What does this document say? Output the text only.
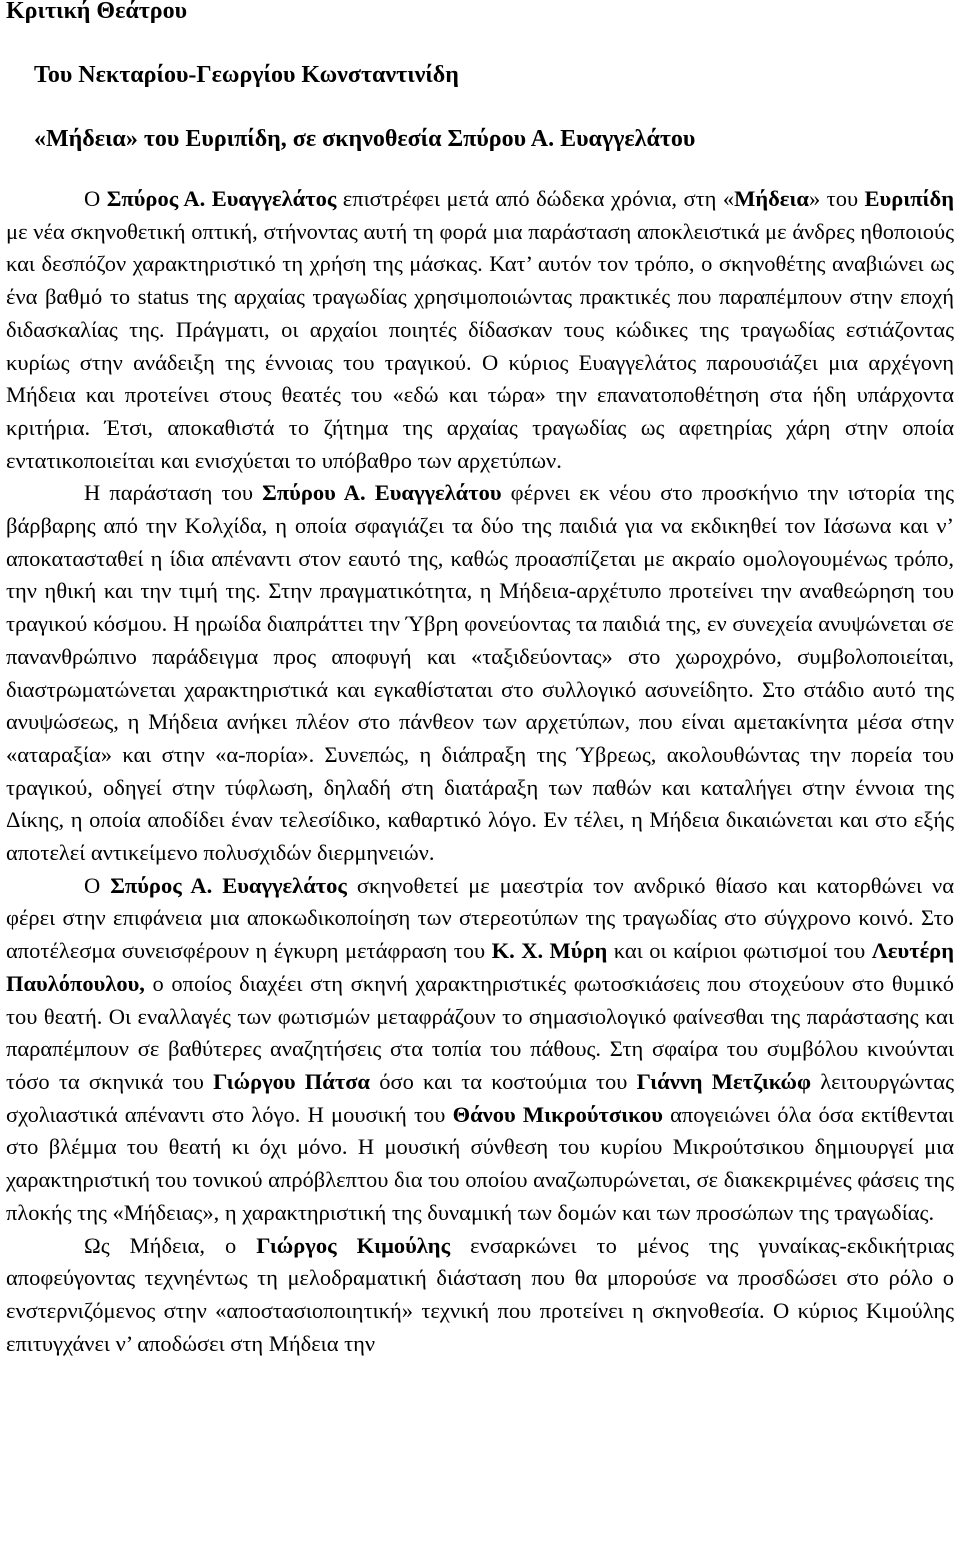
Κριτική Θεάτρου
Του Νεκταρίου-Γεωργίου Κωνσταντινίδη
«Μήδεια» του Ευριπίδη, σε σκηνοθεσία Σπύρου Α. Ευαγγελάτου

Ο Σπύρος Α. Ευαγγελάτος επιστρέφει μετά από δώδεκα χρόνια, στη «Μήδεια» του Ευριπίδη με νέα σκηνοθετική οπτική, στήνοντας αυτή τη φορά μια παράσταση αποκλειστικά με άνδρες ηθοποιούς και δεσπόζον χαρακτηριστικό τη χρήση της μάσκας. Κατ’ αυτόν τον τρόπο, ο σκηνοθέτης αναβιώνει ως ένα βαθμό το status της αρχαίας τραγωδίας χρησιμοποιώντας πρακτικές που παραπέμπουν στην εποχή διδασκαλίας της. Πράγματι, οι αρχαίοι ποιητές δίδασκαν τους κώδικες της τραγωδίας εστιάζοντας κυρίως στην ανάδειξη της έννοιας του τραγικού. Ο κύριος Ευαγγελάτος παρουσιάζει μια αρχέγονη Μήδεια και προτείνει στους θεατές του «εδώ και τώρα» την επανατοποθέτηση στα ήδη υπάρχοντα κριτήρια. Έτσι, αποκαθιστά το ζήτημα της αρχαίας τραγωδίας ως αφετηρίας χάρη στην οποία εντατικοποιείται και ενισχύεται το υπόβαθρο των αρχετύπων.

Η παράσταση του Σπύρου Α. Ευαγγελάτου φέρνει εκ νέου στο προσκήνιο την ιστορία της βάρβαρης από την Κολχίδα, η οποία σφαγιάζει τα δύο της παιδιά για να εκδικηθεί τον Ιάσωνα και ν’ αποκατασταθεί η ίδια απέναντι στον εαυτό της, καθώς προασπίζεται με ακραίο ομολογουμένως τρόπο, την ηθική και την τιμή της. Στην πραγματικότητα, η Μήδεια-αρχέτυπο προτείνει την αναθεώρηση του τραγικού κόσμου. Η ηρωίδα διαπράττει την Ύβρη φονεύοντας τα παιδιά της, εν συνεχεία ανυψώνεται σε πανανθρώπινο παράδειγμα προς αποφυγή και «ταξιδεύοντας» στο χωροχρόνο, συμβολοποιείται, διαστρωματώνεται χαρακτηριστικά και εγκαθίσταται στο συλλογικό ασυνείδητο. Στο στάδιο αυτό της ανυψώσεως, η Μήδεια ανήκει πλέον στο πάνθεον των αρχετύπων, που είναι αμετακίνητα μέσα στην «αταραξία» και στην «α-πορία». Συνεπώς, η διάπραξη της Ύβρεως, ακολουθώντας την πορεία του τραγικού, οδηγεί στην τύφλωση, δηλαδή στη διατάραξη των παθών και καταλήγει στην έννοια της Δίκης, η οποία αποδίδει έναν τελεσίδικο, καθαρτικό λόγο. Εν τέλει, η Μήδεια δικαιώνεται και στο εξής αποτελεί αντικείμενο πολυσχιδών διερμηνειών.

Ο Σπύρος Α. Ευαγγελάτος σκηνοθετεί με μαεστρία τον ανδρικό θίασο και κατορθώνει να φέρει στην επιφάνεια μια αποκωδικοποίηση των στερεοτύπων της τραγωδίας στο σύγχρονο κοινό. Στο αποτέλεσμα συνεισφέρουν η έγκυρη μετάφραση του Κ. Χ. Μύρη και οι καίριοι φωτισμοί του Λευτέρη Παυλόπουλου, ο οποίος διαχέει στη σκηνή χαρακτηριστικές φωτοσκιάσεις που στοχεύουν στο θυμικό του θεατή. Οι εναλλαγές των φωτισμών μεταφράζουν το σημασιολογικό φαίνεσθαι της παράστασης και παραπέμπουν σε βαθύτερες αναζητήσεις στα τοπία του πάθους. Στη σφαίρα του συμβόλου κινούνται τόσο τα σκηνικά του Γιώργου Πάτσα όσο και τα κοστούμια του Γιάννη Μετζικώφ λειτουργώντας σχολιαστικά απέναντι στο λόγο. Η μουσική του Θάνου Μικρούτσικου απογειώνει όλα όσα εκτίθενται στο βλέμμα του θεατή κι όχι μόνο. Η μουσική σύνθεση του κυρίου Μικρούτσικου δημιουργεί μια χαρακτηριστική του τονικού απρόβλεπτου δια του οποίου αναζωπυρώνεται, σε διακεκριμένες φάσεις της πλοκής της «Μήδειας», η χαρακτηριστική της δυναμική των δομών και των προσώπων της τραγωδίας.

Ως Μήδεια, ο Γιώργος Κιμούλης ενσαρκώνει το μένος της γυναίκας-εκδικήτριας αποφεύγοντας τεχνηέντως τη μελοδραματική διάσταση που θα μπορούσε να προσδώσει στο ρόλο ο ενστερνιζόμενος στην «αποστασιοποιητική» τεχνική που προτείνει η σκηνοθεσία. Ο κύριος Κιμούλης επιτυγχάνει ν’ αποδώσει στη Μήδεια την
